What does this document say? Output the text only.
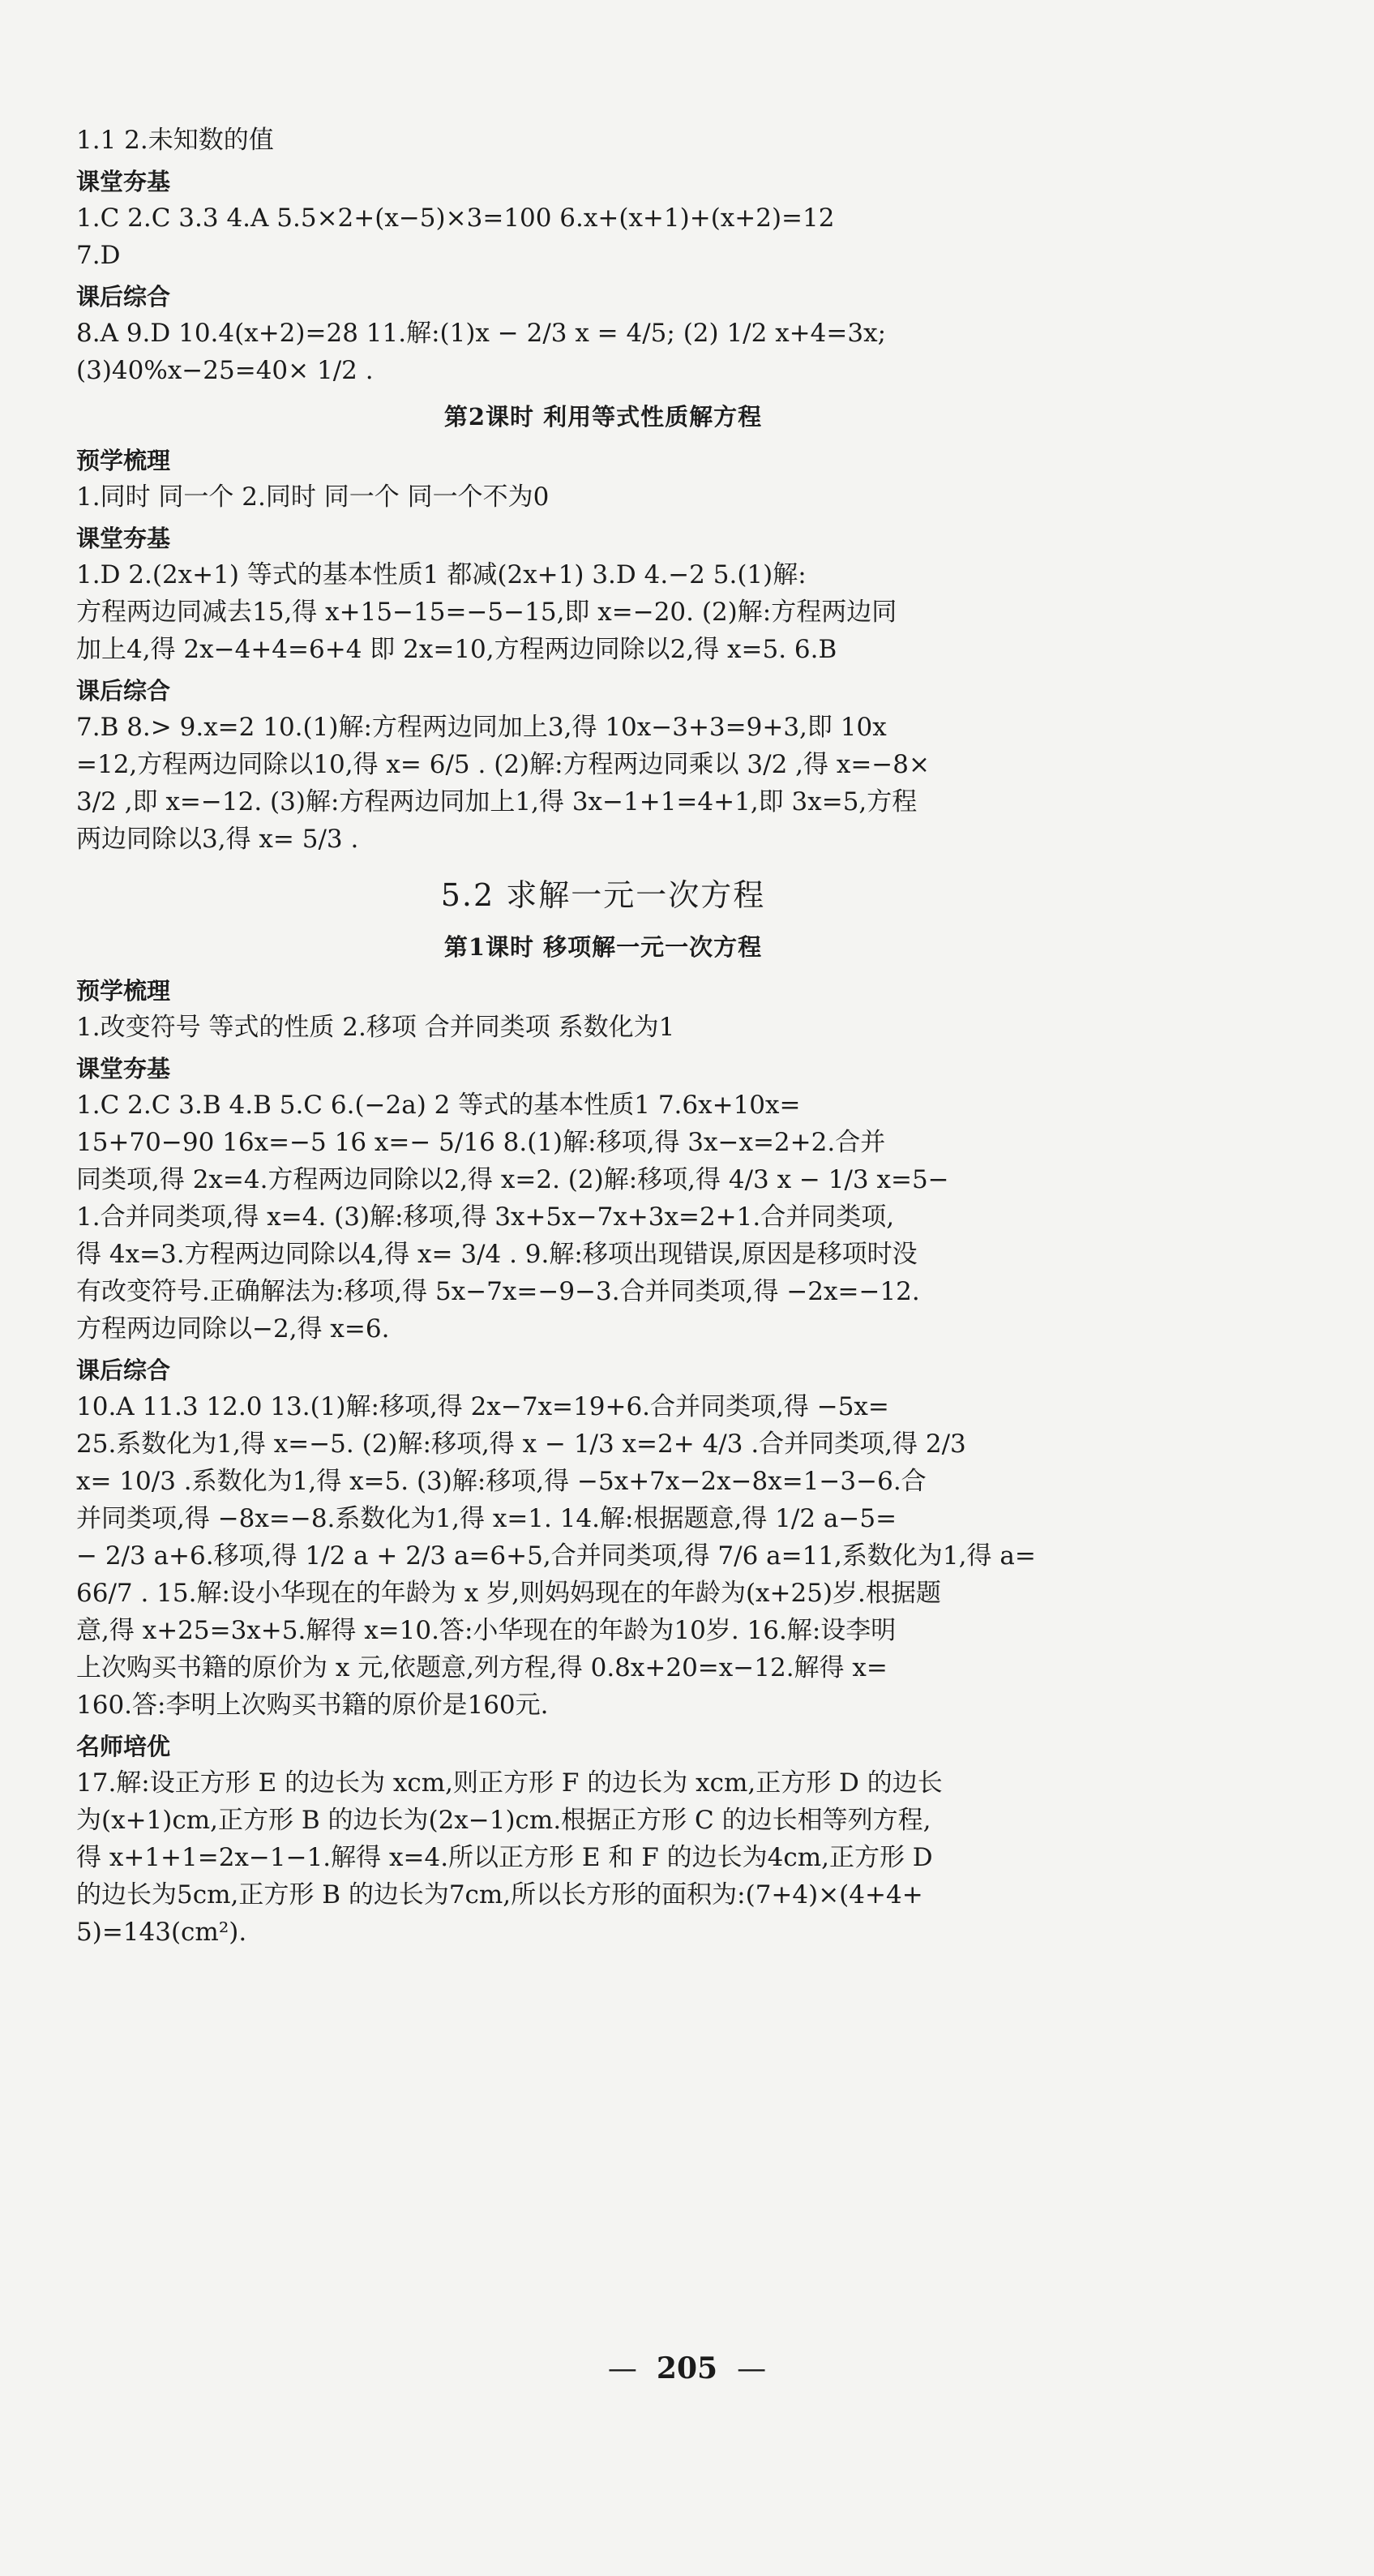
1.1 2.未知数的值
课堂夯基
1.C 2.C 3.3 4.A 5.5×2+(x−5)×3=100 6.x+(x+1)+(x+2)=12
7.D
课后综合
8.A 9.D 10.4(x+2)=28 11.解:(1)x − 2/3 x = 4/5; (2) 1/2 x+4=3x;
(3)40%x−25=40× 1/2 .
第2课时 利用等式性质解方程
预学梳理
1.同时 同一个 2.同时 同一个 同一个不为0
课堂夯基
1.D 2.(2x+1) 等式的基本性质1 都减(2x+1) 3.D 4.−2 5.(1)解:
方程两边同减去15,得 x+15−15=−5−15,即 x=−20. (2)解:方程两边同
加上4,得 2x−4+4=6+4 即 2x=10,方程两边同除以2,得 x=5. 6.B
课后综合
7.B 8.> 9.x=2 10.(1)解:方程两边同加上3,得 10x−3+3=9+3,即 10x
=12,方程两边同除以10,得 x= 6/5 . (2)解:方程两边同乘以 3/2 ,得 x=−8×
3/2 ,即 x=−12. (3)解:方程两边同加上1,得 3x−1+1=4+1,即 3x=5,方程
两边同除以3,得 x= 5/3 .
5.2 求解一元一次方程
第1课时 移项解一元一次方程
预学梳理
1.改变符号 等式的性质 2.移项 合并同类项 系数化为1
课堂夯基
1.C 2.C 3.B 4.B 5.C 6.(−2a) 2 等式的基本性质1 7.6x+10x=
15+70−90 16x=−5 16 x=− 5/16 8.(1)解:移项,得 3x−x=2+2.合并
同类项,得 2x=4.方程两边同除以2,得 x=2. (2)解:移项,得 4/3 x − 1/3 x=5−
1.合并同类项,得 x=4. (3)解:移项,得 3x+5x−7x+3x=2+1.合并同类项,
得 4x=3.方程两边同除以4,得 x= 3/4 . 9.解:移项出现错误,原因是移项时没
有改变符号.正确解法为:移项,得 5x−7x=−9−3.合并同类项,得 −2x=−12.
方程两边同除以−2,得 x=6.
课后综合
10.A 11.3 12.0 13.(1)解:移项,得 2x−7x=19+6.合并同类项,得 −5x=
25.系数化为1,得 x=−5. (2)解:移项,得 x − 1/3 x=2+ 4/3 .合并同类项,得 2/3
x= 10/3 .系数化为1,得 x=5. (3)解:移项,得 −5x+7x−2x−8x=1−3−6.合
并同类项,得 −8x=−8.系数化为1,得 x=1. 14.解:根据题意,得 1/2 a−5=
− 2/3 a+6.移项,得 1/2 a + 2/3 a=6+5,合并同类项,得 7/6 a=11,系数化为1,得 a=
66/7 . 15.解:设小华现在的年龄为 x 岁,则妈妈现在的年龄为(x+25)岁.根据题
意,得 x+25=3x+5.解得 x=10.答:小华现在的年龄为10岁. 16.解:设李明
上次购买书籍的原价为 x 元,依题意,列方程,得 0.8x+20=x−12.解得 x=
160.答:李明上次购买书籍的原价是160元.
名师培优
17.解:设正方形 E 的边长为 xcm,则正方形 F 的边长为 xcm,正方形 D 的边长
为(x+1)cm,正方形 B 的边长为(2x−1)cm.根据正方形 C 的边长相等列方程,
得 x+1+1=2x−1−1.解得 x=4.所以正方形 E 和 F 的边长为4cm,正方形 D
的边长为5cm,正方形 B 的边长为7cm,所以长方形的面积为:(7+4)×(4+4+
5)=143(cm²).
— 205 —
